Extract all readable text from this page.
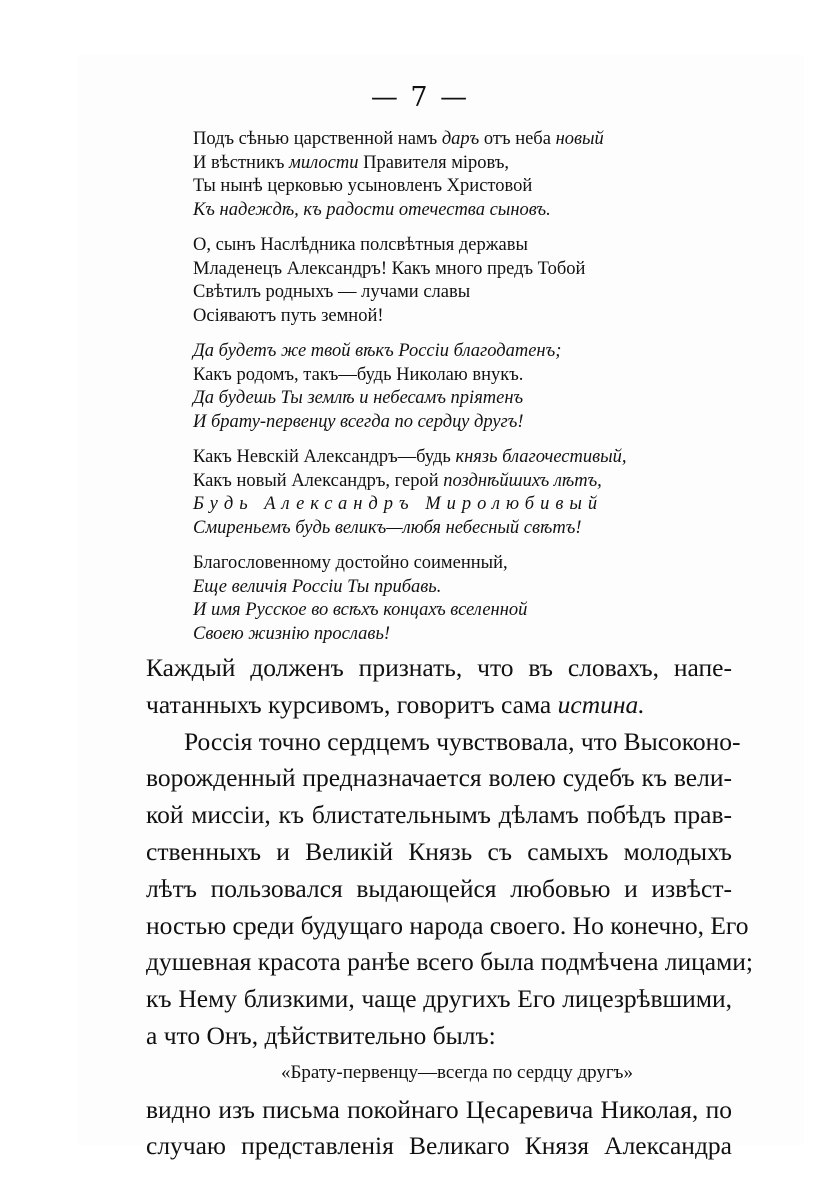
— 7 —
Подъ сѣнью царственной намъ даръ отъ неба новый
И вѣстникъ милости Правителя міровъ,
Ты нынѣ церковью усыновленъ Христовой
Къ надеждѣ, къ радости отечества сыновъ.
О, сынъ Наслѣдника полсвѣтныя державы
Младенецъ Александръ! Какъ много предъ Тобой
Свѣтилъ родныхъ — лучами славы
Осіяваютъ путь земной!
Да будетъ же твой вѣкъ Россіи благодатенъ;
Какъ родомъ, такъ—будь Николаю внукъ.
Да будешь Ты землѣ и небесамъ пріятенъ
И брату-первенцу всегда по сердцу другъ!
Какъ Невскій Александръ—будь князь благочестивый,
Какъ новый Александръ, герой позднѣйшихъ лѣтъ,
Будь Александръ Миролюбивый
Смиреньемъ будь великъ—любя небесный свѣтъ!
Благословенному достойно соименный,
Еще величія Россіи Ты прибавь.
И имя Русское во всѣхъ концахъ вселенной
Своею жизнію прославь!
Каждый долженъ признать, что въ словахъ, напе-
чатанныхъ курсивомъ, говоритъ сама истина.
Россія точно сердцемъ чувствовала, что Высоконо-
ворожденный предназначается волею судебъ къ вели-
кой миссіи, къ блистательнымъ дѣламъ побѣдъ прав-
ственныхъ и Великій Князь съ самыхъ молодыхъ
лѣтъ пользовался выдающейся любовью и извѣст-
ностью среди будущаго народа своего. Но конечно, Его
душевная красота ранѣе всего была подмѣчена лицами;
къ Нему близкими, чаще другихъ Его лицезрѣвшими,
а что Онъ, дѣйствительно былъ:
«Брату-первенцу—всегда по сердцу другъ»
видно изъ письма покойнаго Цесаревича Николая, по
случаю представленія Великаго Князя Александра
